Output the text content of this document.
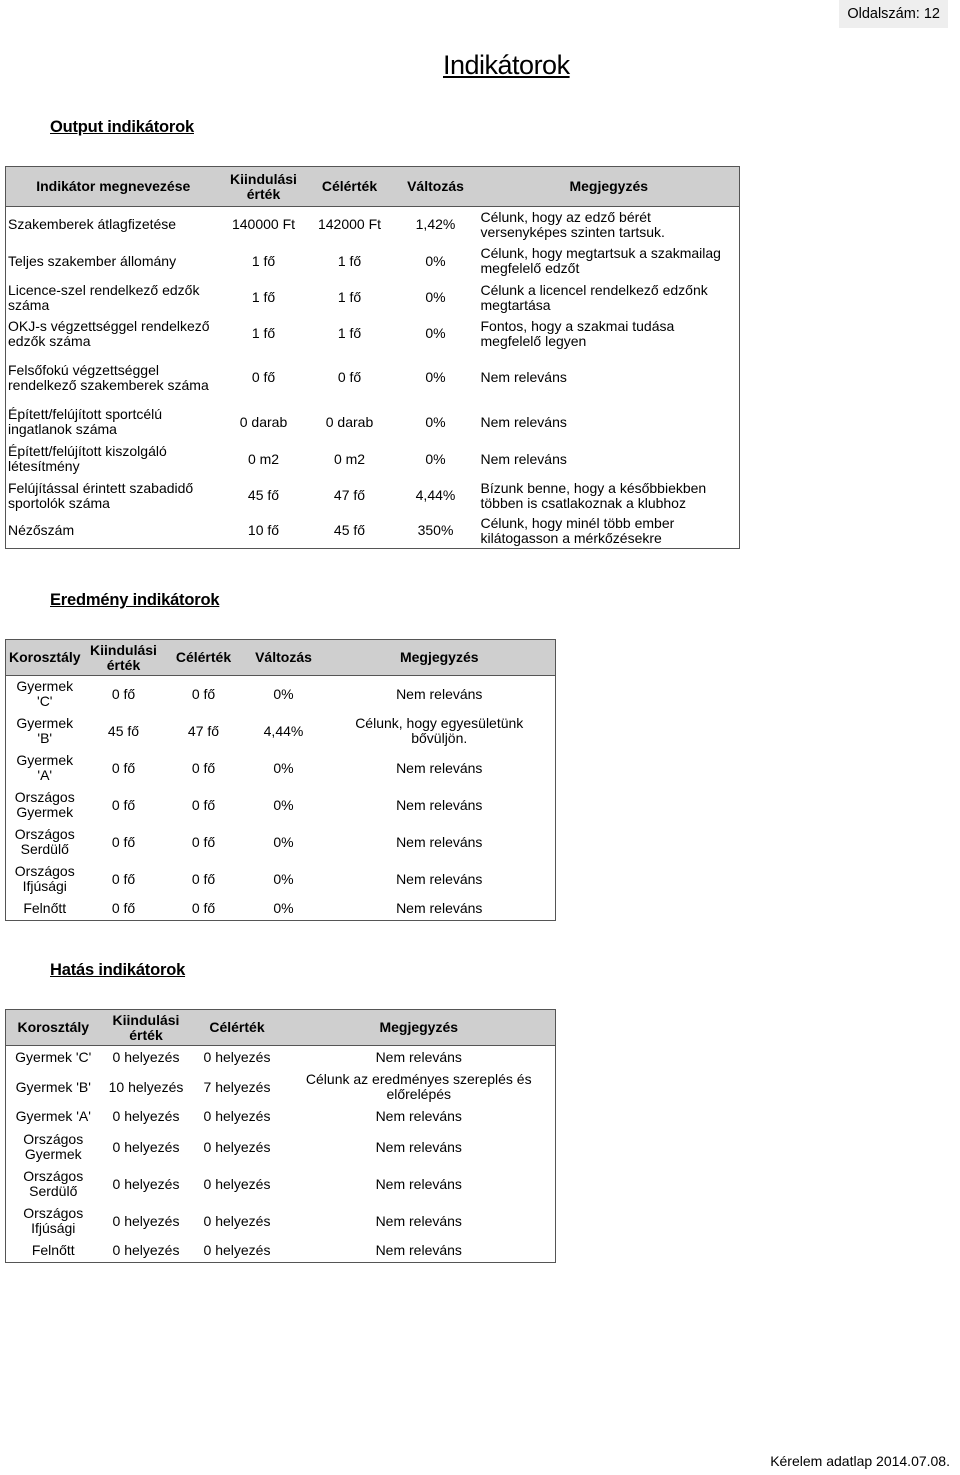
Oldalszám: 12
Indikátorok
Output indikátorok
Indikátor megnevezése	Kiindulási érték	Célérték	Változás	Megjegyzés
Szakemberek átlagfizetése	140000 Ft	142000 Ft	1,42%	Célunk, hogy az edző bérét versenyképes szinten tartsuk.
Teljes szakember állomány	1 fő	1 fő	0%	Célunk, hogy megtartsuk a szakmailag megfelelő edzőt
Licence-szel rendelkező edzők száma	1 fő	1 fő	0%	Célunk a licencel rendelkező edzőnk megtartása
OKJ-s végzettséggel rendelkező edzők száma	1 fő	1 fő	0%	Fontos, hogy a szakmai tudása megfelelő legyen
Felsőfokú végzettséggel rendelkező szakemberek száma	0 fő	0 fő	0%	Nem releváns
Épített/felújított sportcélú ingatlanok száma	0 darab	0 darab	0%	Nem releváns
Épített/felújított kiszolgáló létesítmény	0 m2	0 m2	0%	Nem releváns
Felújítással érintett szabadidő sportolók száma	45 fő	47 fő	4,44%	Bízunk benne, hogy a későbbiekben többen is csatlakoznak a klubhoz
Nézőszám	10 fő	45 fő	350%	Célunk, hogy minél több ember kilátogasson a mérkőzésekre
Eredmény indikátorok
Korosztály	Kiindulási érték	Célérték	Változás	Megjegyzés
Gyermek 'C'	0 fő	0 fő	0%	Nem releváns
Gyermek 'B'	45 fő	47 fő	4,44%	Célunk, hogy egyesületünk bővüljön.
Gyermek 'A'	0 fő	0 fő	0%	Nem releváns
Országos Gyermek	0 fő	0 fő	0%	Nem releváns
Országos Serdülő	0 fő	0 fő	0%	Nem releváns
Országos Ifjúsági	0 fő	0 fő	0%	Nem releváns
Felnőtt	0 fő	0 fő	0%	Nem releváns
Hatás indikátorok
Korosztály	Kiindulási érték	Célérték	Megjegyzés
Gyermek 'C'	0 helyezés	0 helyezés	Nem releváns
Gyermek 'B'	10 helyezés	7 helyezés	Célunk az eredményes szereplés és előrelépés
Gyermek 'A'	0 helyezés	0 helyezés	Nem releváns
Országos Gyermek	0 helyezés	0 helyezés	Nem releváns
Országos Serdülő	0 helyezés	0 helyezés	Nem releváns
Országos Ifjúsági	0 helyezés	0 helyezés	Nem releváns
Felnőtt	0 helyezés	0 helyezés	Nem releváns
Kérelem adatlap 2014.07.08.
